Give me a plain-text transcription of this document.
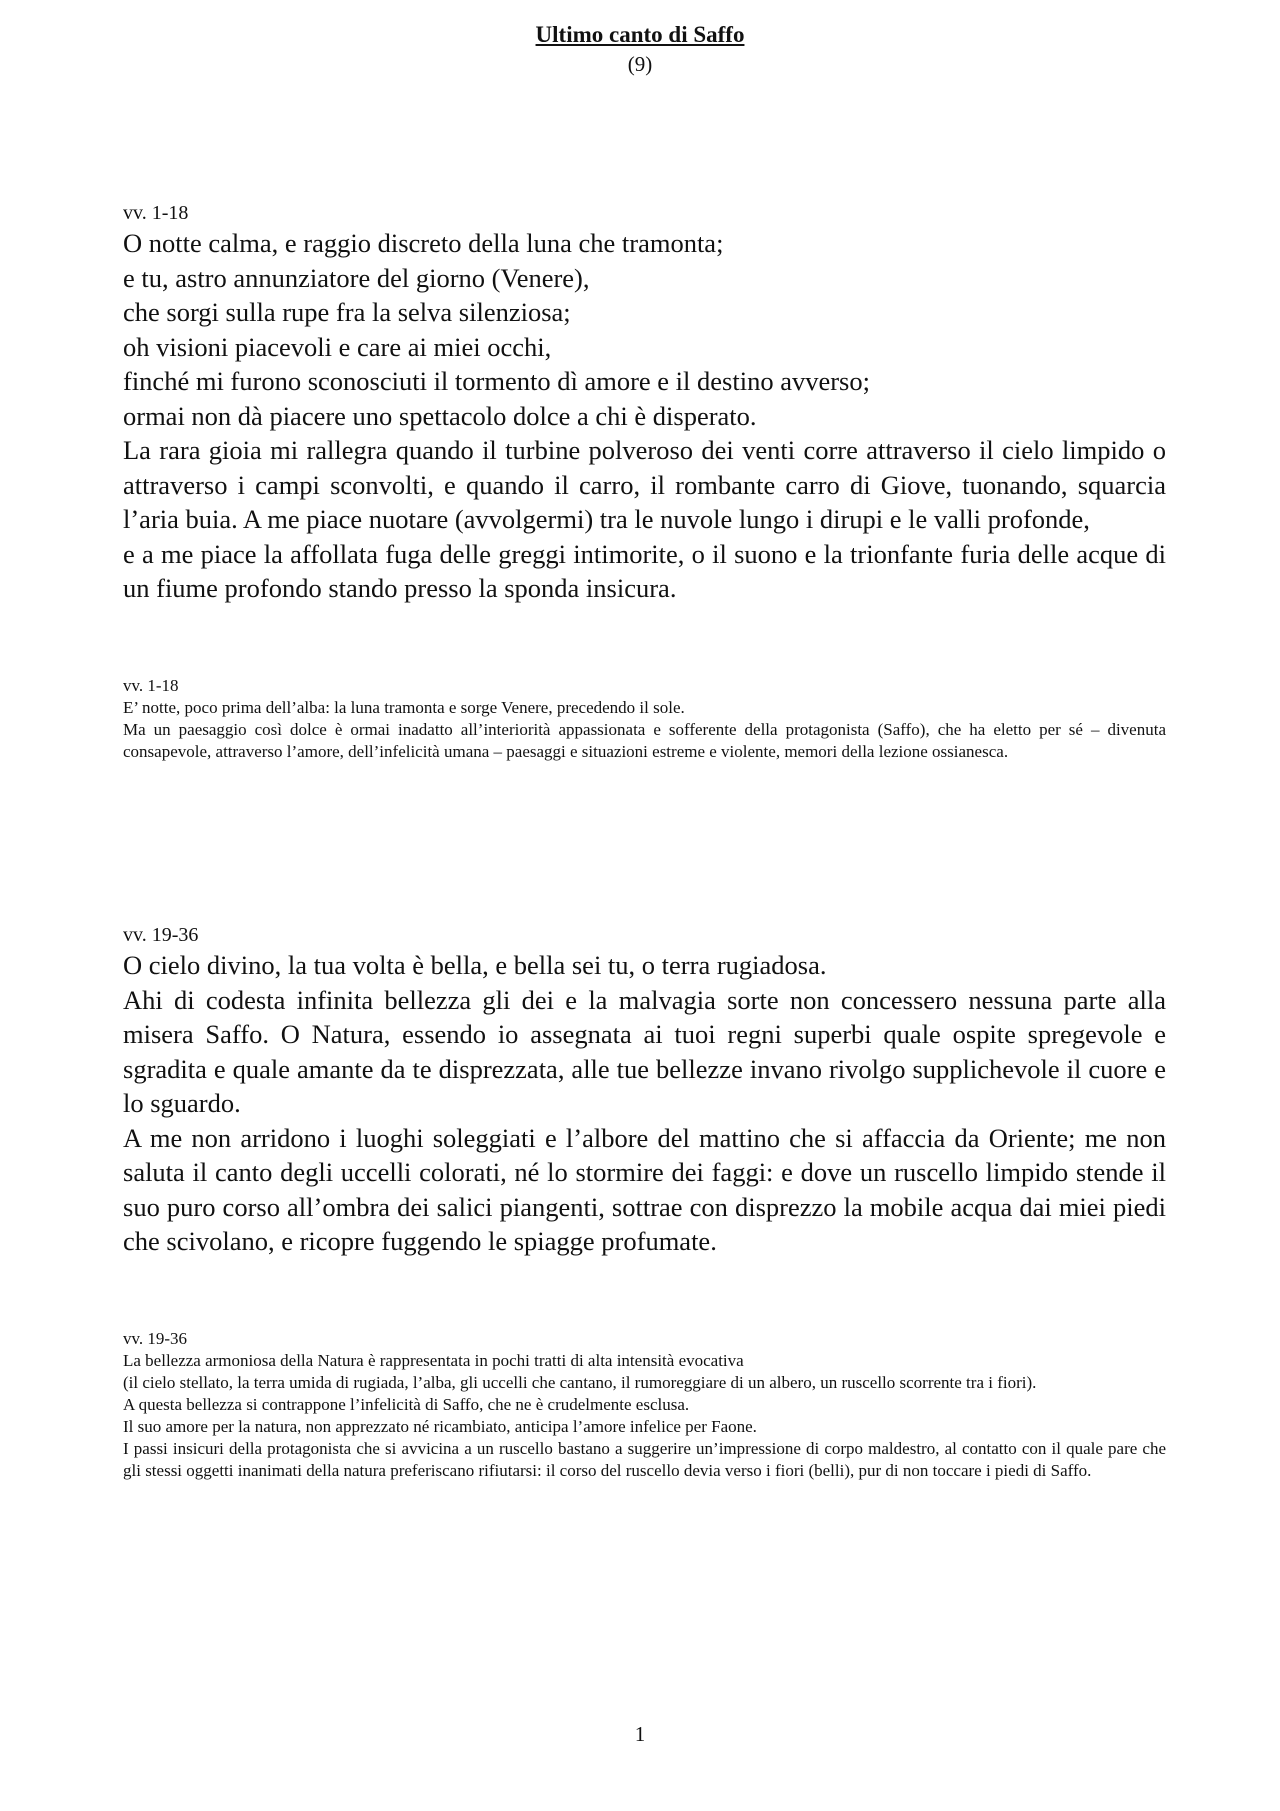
Ultimo canto di Saffo
(9)
vv. 1-18

O notte calma, e raggio discreto della luna che tramonta;

e tu, astro annunziatore del giorno (Venere),

che sorgi sulla rupe fra la selva silenziosa;

oh visioni piacevoli e care ai miei occhi,

finché mi furono sconosciuti il tormento dì amore e il destino avverso;

ormai non dà piacere uno spettacolo dolce a chi è disperato.

La rara gioia mi rallegra quando il turbine polveroso dei venti corre attraverso il cielo limpido o attraverso i campi sconvolti, e quando il carro, il rombante carro di Giove, tuonando, squarcia l’aria buia. A me piace nuotare (avvolgermi) tra le nuvole lungo i dirupi e le valli profonde,

e a me piace la affollata fuga delle greggi intimorite, o il suono e la trionfante furia delle acque di un fiume profondo stando presso la sponda insicura.

vv. 1-18

E’ notte, poco prima dell’alba: la luna tramonta e sorge Venere, precedendo il sole.

Ma un paesaggio così dolce è ormai inadatto all’interiorità appassionata e sofferente della protagonista (Saffo), che ha eletto per sé – divenuta consapevole, attraverso l’amore, dell’infelicità umana – paesaggi e situazioni estreme e violente, memori della lezione ossianesca.

vv. 19-36

O cielo divino, la tua volta è bella, e bella sei tu, o terra rugiadosa.

Ahi di codesta infinita bellezza gli dei e la malvagia sorte non concessero nessuna parte alla misera Saffo. O Natura, essendo io assegnata ai tuoi regni superbi quale ospite spregevole e sgradita e quale amante da te disprezzata, alle tue bellezze invano rivolgo supplichevole il cuore e lo sguardo.

A me non arridono i luoghi soleggiati e l’albore del mattino che si affaccia da Oriente; me non saluta il canto degli uccelli colorati, né lo stormire dei faggi: e dove un ruscello limpido stende il suo puro corso all’ombra dei salici piangenti, sottrae con disprezzo la mobile acqua dai miei piedi che scivolano, e ricopre fuggendo le spiagge profumate.

vv. 19-36

La bellezza armoniosa della Natura è rappresentata in pochi tratti di alta intensità evocativa

(il cielo stellato, la terra umida di rugiada, l’alba, gli uccelli che cantano, il rumoreggiare di un albero, un ruscello scorrente tra i fiori).

A questa bellezza si contrappone l’infelicità di Saffo, che ne è crudelmente esclusa.

Il suo amore per la natura, non apprezzato né ricambiato, anticipa l’amore infelice per Faone.

I passi insicuri della protagonista che si avvicina a un ruscello bastano a suggerire un’impressione di corpo maldestro, al contatto con il quale pare che gli stessi oggetti inanimati della natura preferiscano rifiutarsi: il corso del ruscello devia verso i fiori (belli), pur di non toccare i piedi di Saffo.

1
